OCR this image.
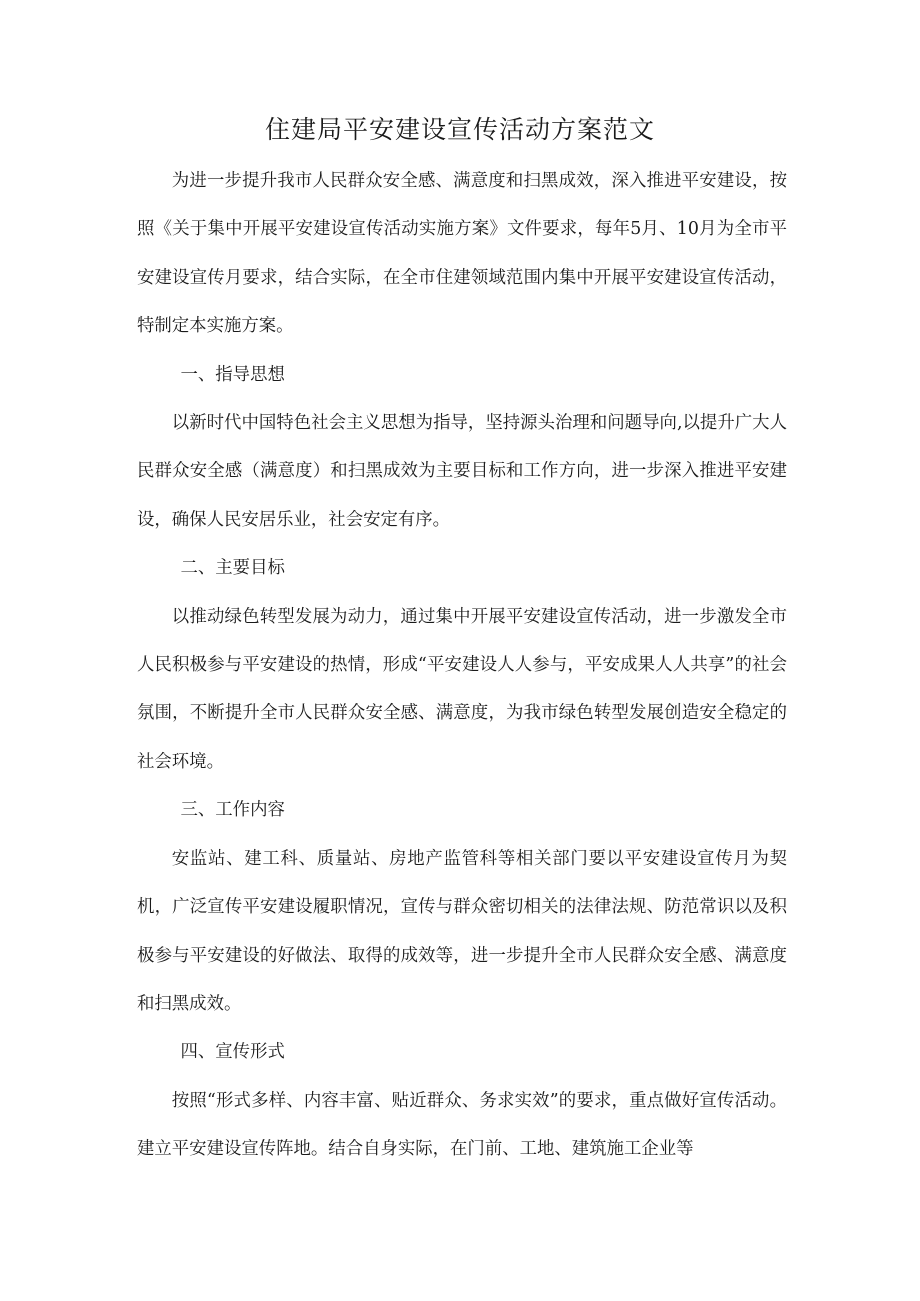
住建局平安建设宣传活动方案范文

为进一步提升我市人民群众安全感、满意度和扫黑成效，深入推进平安建设，按照《关于集中开展平安建设宣传活动实施方案》文件要求，每年5月、10月为全市平安建设宣传月要求，结合实际，在全市住建领域范围内集中开展平安建设宣传活动，特制定本实施方案。

一、指导思想

以新时代中国特色社会主义思想为指导，坚持源头治理和问题导向,以提升广大人民群众安全感（满意度）和扫黑成效为主要目标和工作方向，进一步深入推进平安建设，确保人民安居乐业，社会安定有序。

二、主要目标

以推动绿色转型发展为动力，通过集中开展平安建设宣传活动，进一步激发全市人民积极参与平安建设的热情，形成“平安建设人人参与，平安成果人人共享”的社会氛围，不断提升全市人民群众安全感、满意度，为我市绿色转型发展创造安全稳定的社会环境。

三、工作内容

安监站、建工科、质量站、房地产监管科等相关部门要以平安建设宣传月为契机，广泛宣传平安建设履职情况，宣传与群众密切相关的法律法规、防范常识以及积极参与平安建设的好做法、取得的成效等，进一步提升全市人民群众安全感、满意度和扫黑成效。

四、宣传形式

按照“形式多样、内容丰富、贴近群众、务求实效”的要求，重点做好宣传活动。建立平安建设宣传阵地。结合自身实际，在门前、工地、建筑施工企业等
